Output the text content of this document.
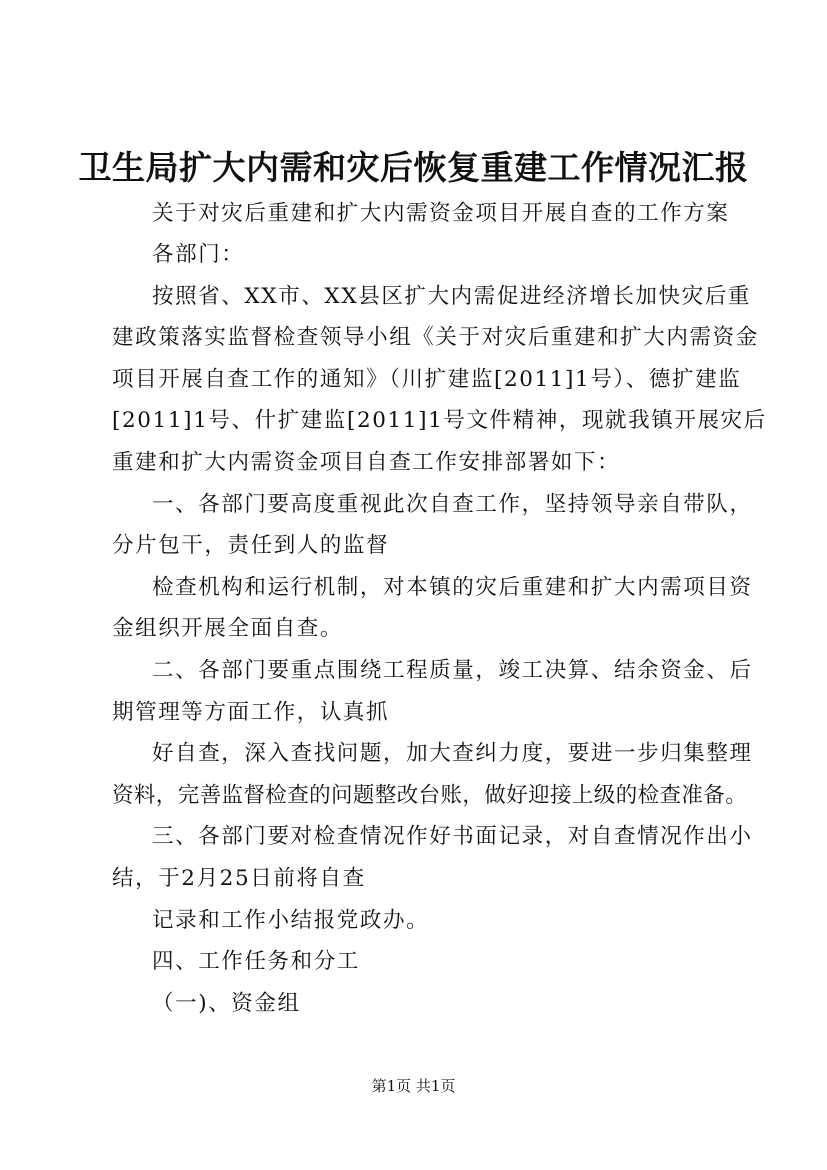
卫生局扩大内需和灾后恢复重建工作情况汇报
关于对灾后重建和扩大内需资金项目开展自查的工作方案
各部门：
按照省、XX市、XX县区扩大内需促进经济增长加快灾后重
建政策落实监督检查领导小组《关于对灾后重建和扩大内需资金
项目开展自查工作的通知》（川扩建监[2011]1号）、德扩建监
[2011]1号、什扩建监[2011]1号文件精神，现就我镇开展灾后
重建和扩大内需资金项目自查工作安排部署如下：
一、各部门要高度重视此次自查工作，坚持领导亲自带队，
分片包干，责任到人的监督
检查机构和运行机制，对本镇的灾后重建和扩大内需项目资
金组织开展全面自查。
二、各部门要重点围绕工程质量，竣工决算、结余资金、后
期管理等方面工作，认真抓
好自查，深入查找问题，加大查纠力度，要进一步归集整理
资料，完善监督检查的问题整改台账，做好迎接上级的检查准备。
三、各部门要对检查情况作好书面记录，对自查情况作出小
结，于2月25日前将自查
记录和工作小结报党政办。
四、工作任务和分工
（一)、资金组
第1页 共1页
